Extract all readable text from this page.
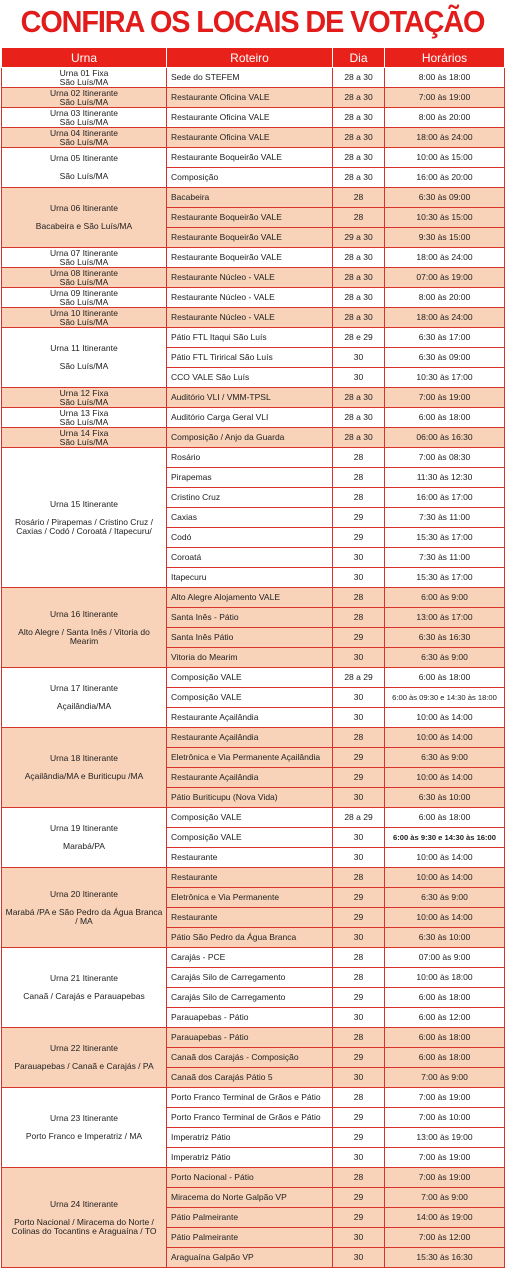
CONFIRA OS LOCAIS DE VOTAÇÃO
Urna	Roteiro	Dia	Horários

Urna 01 Fixa
São Luís/MA	Sede do STEFEM	28 a 30	8:00 às 18:00

Urna 02 Itinerante
São Luís/MA	Restaurante Oficina VALE	28 a 30	7:00 às 19:00

Urna 03 Itinerante
São Luís/MA	Restaurante Oficina VALE	28 a 30	8:00 às 20:00

Urna 04 Itinerante
São Luís/MA	Restaurante Oficina VALE	28 a 30	18:00 às 24:00

Urna 05 Itinerante
São Luís/MA	Restaurante Boqueirão VALE	28 a 30	10:00 às 15:00
	Composição	28 a 30	16:00 às 20:00

Urna 06 Itinerante
Bacabeira e São Luís/MA	Bacabeira	28	6:30 às 09:00
	Restaurante Boqueirão VALE	28	10:30 às 15:00
	Restaurante Boqueirão VALE	29 a 30	9:30 às 15:00

Urna 07 Itinerante
São Luís/MA	Restaurante Boqueirão VALE	28 a 30	18:00 às 24:00

Urna 08 Itinerante
São Luís/MA	Restaurante Núcleo - VALE	28 a 30	07:00 às 19:00

Urna 09 Itinerante
São Luís/MA	Restaurante Núcleo - VALE	28 a 30	8:00 às 20:00

Urna 10 Itinerante
São Luís/MA	Restaurante Núcleo - VALE	28 a 30	18:00 às 24:00

Urna 11 Itinerante
São Luís/MA	Pátio FTL Itaqui São Luís	28 e 29	6:30 às 17:00
	Pátio FTL Tirirical São Luís	30	6:30 às 09:00
	CCO VALE São Luís	30	10:30 às 17:00

Urna 12 Fixa
São Luís/MA	Auditório VLI / VMM-TPSL	28 a 30	7:00 às 19:00

Urna 13 Fixa
São Luís/MA	Auditório Carga Geral VLI	28 a 30	6:00 às 18:00

Urna 14 Fixa
São Luís/MA	Composição / Anjo da Guarda	28 a 30	06:00 às 16:30

Urna 15 Itinerante
Rosário / Pirapemas / Cristino Cruz /
Caxias / Codó / Coroatá / Itapecuru/	Rosário	28	7:00 às 08:30
	Pirapemas	28	11:30 às 12:30
	Cristino Cruz	28	16:00 às 17:00
	Caxias	29	7:30 às 11:00
	Codó	29	15:30 às 17:00
	Coroatá	30	7:30 às 11:00
	Itapecuru	30	15:30 às 17:00

Urna 16 Itinerante
Alto Alegre / Santa Inês / Vitoria do
Mearim	Alto Alegre Alojamento VALE	28	6:00 às 9:00
	Santa Inês - Pátio	28	13:00 às 17:00
	Santa Inês Pátio	29	6:30 às 16:30
	Vitoria do Mearim	30	6:30 às 9:00

Urna 17 Itinerante
Açailândia/MA	Composição VALE	28 a 29	6:00 às 18:00
	Composição VALE	30	6:00 às 09:30 e 14:30 às 18:00
	Restaurante Açailândia	30	10:00 às 14:00

Urna 18 Itinerante
Açailândia/MA e Buriticupu /MA	Restaurante Açailândia	28	10:00 às 14:00
	Eletrônica e Via Permanente Açailândia	29	6:30 às 9:00
	Restaurante Açailândia	29	10:00 às 14:00
	Pátio Buriticupu (Nova Vida)	30	6:30 às 10:00

Urna 19 Itinerante
Marabá/PA	Composição VALE	28 a 29	6:00 às 18:00
	Composição VALE	30	6:00 às 9:30 e 14:30 às 16:00
	Restaurante	30	10:00 às 14:00

Urna 20 Itinerante
Marabá /PA e São Pedro da Água Branca
/ MA	Restaurante	28	10:00 às 14:00
	Eletrônica e Via Permanente	29	6:30 às 9:00
	Restaurante	29	10:00 às 14:00
	Pátio São Pedro da Água Branca	30	6:30 às 10:00

Urna 21 Itinerante
Canaã / Carajás e Parauapebas	Carajás - PCE	28	07:00 às 9:00
	Carajás Silo de Carregamento	28	10:00 às 18:00
	Carajás Silo de Carregamento	29	6:00 às 18:00
	Parauapebas - Pátio	30	6:00 às 12:00

Urna 22 Itinerante
Parauapebas / Canaã e Carajás / PA	Parauapebas - Pátio	28	6:00 às 18:00
	Canaã dos Carajás - Composição	29	6:00 às 18:00
	Canaã dos Carajás Pátio 5	30	7:00 às 9:00

Urna 23 Itinerante
Porto Franco e Imperatriz / MA	Porto Franco Terminal de Grãos e Pátio	28	7:00 às 19:00
	Porto Franco Terminal de Grãos e Pátio	29	7:00 às 10:00
	Imperatriz Pátio	29	13:00 às 19:00
	Imperatriz Pátio	30	7:00 às 19:00

Urna 24 Itinerante
Porto Nacional / Miracema do Norte /
Colinas do Tocantins e Araguaína / TO	Porto Nacional - Pátio	28	7:00 às 19:00
	Miracema do Norte Galpão VP	29	7:00 às 9:00
	Pátio Palmeirante	29	14:00 às 19:00
	Pátio Palmeirante	30	7:00 às 12:00
	Araguaína Galpão VP	30	15:30 às 16:30
